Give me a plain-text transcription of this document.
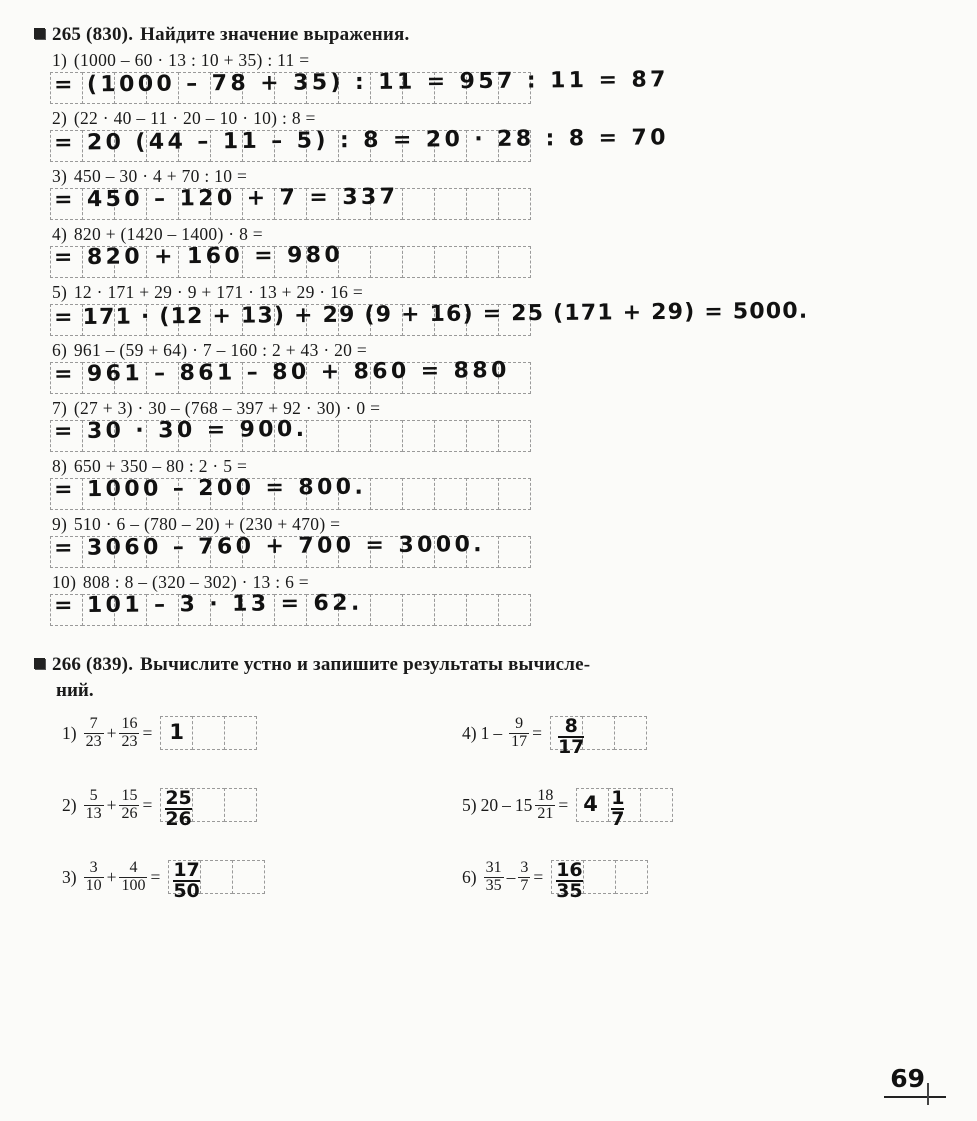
265 (830). Найдите значение выражения.
1) (1000 – 60 · 13 : 10 + 35) : 11 =
= (1000 – 78 + 35) : 11 = 957 : 11 = 87
2) (22 · 40 – 11 · 20 – 10 · 10) : 8 =
= 20 (44 – 11 – 5) : 8 = 20 · 28 : 8 = 70
3) 450 – 30 · 4 + 70 : 10 =
= 450 – 120 + 7 = 337
4) 820 + (1420 – 1400) · 8 =
= 820 + 160 = 980
5) 12 · 171 + 29 · 9 + 171 · 13 + 29 · 16 =
= 171 · (12 + 13) + 29 (9 + 16) = 25 (171 + 29) = 5000.
6) 961 – (59 + 64) · 7 – 160 : 2 + 43 · 20 =
= 961 – 861 – 80 + 860 = 880
7) (27 + 3) · 30 – (768 – 397 + 92 · 30) · 0 =
= 30 · 30 = 900.
8) 650 + 350 – 80 : 2 · 5 =
= 1000 – 200 = 800.
9) 510 · 6 – (780 – 20) + (230 + 470) =
= 3060 – 760 + 700 = 3000.
10) 808 : 8 – (320 – 302) · 13 : 6 =
= 101 – 3 · 13 = 62.
266 (839). Вычислите устно и запишите результаты вычисле-
ний.
$1) \frac{7}{23} + \frac{16}{23} = 1$
$2) \frac{5}{13} + \frac{15}{26} = \frac{25}{26}$
$3) \frac{3}{10} + \frac{4}{100} = \frac{17}{50}$
4) $1 - \frac{9}{17} = \frac{8}{17}$
5) $20 - 15 \frac{18}{21} = 4 \frac{1}{7}$
$6) \frac{31}{35} - \frac{3}{7} = \frac{16}{35}$
69
